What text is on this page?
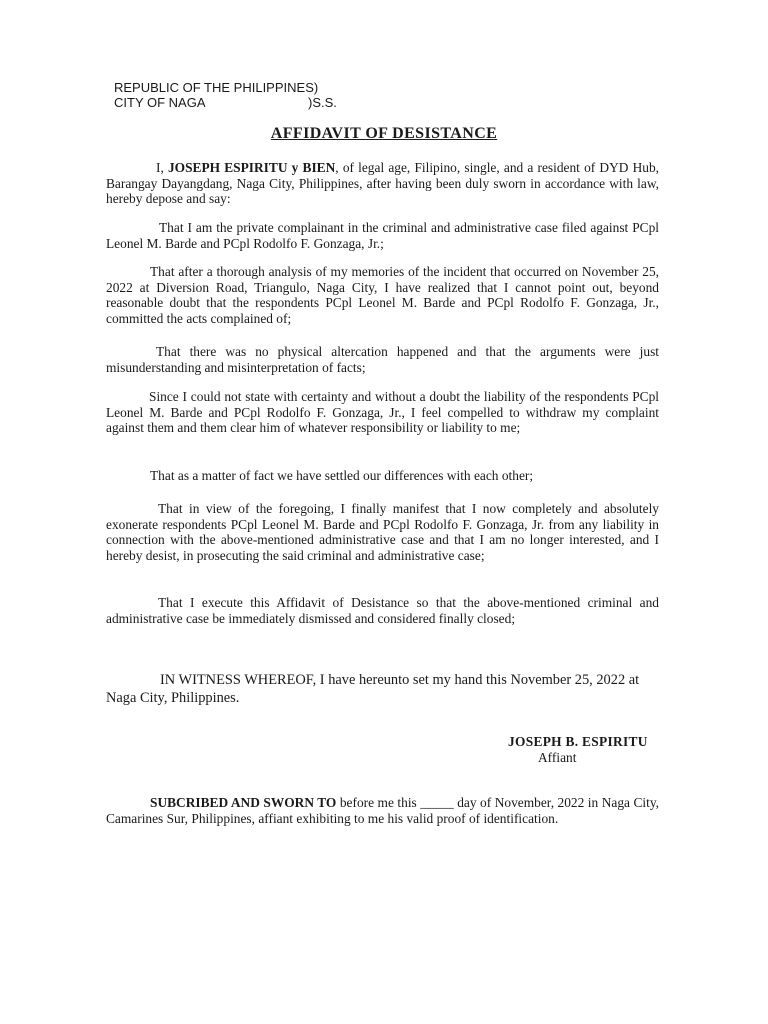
REPUBLIC OF THE PHILIPPINES)
CITY OF NAGA	)S.S.
AFFIDAVIT OF DESISTANCE

I, JOSEPH ESPIRITU y BIEN, of legal age, Filipino, single, and a resident of DYD Hub, Barangay Dayangdang, Naga City, Philippines, after having been duly sworn in accordance with law, hereby depose and say:

That I am the private complainant in the criminal and administrative case filed against PCpl Leonel M. Barde and PCpl Rodolfo F. Gonzaga, Jr.;

That after a thorough analysis of my memories of the incident that occurred on November 25, 2022 at Diversion Road, Triangulo, Naga City, I have realized that I cannot point out, beyond reasonable doubt that the respondents PCpl Leonel M. Barde and PCpl Rodolfo F. Gonzaga, Jr., committed the acts complained of;

That there was no physical altercation happened and that the arguments were just misunderstanding and misinterpretation of facts;

Since I could not state with certainty and without a doubt the liability of the respondents PCpl Leonel M. Barde and PCpl Rodolfo F. Gonzaga, Jr., I feel compelled to withdraw my complaint against them and them clear him of whatever responsibility or liability to me;

That as a matter of fact we have settled our differences with each other;

That in view of the foregoing, I finally manifest that I now completely and absolutely exonerate respondents PCpl Leonel M. Barde and PCpl Rodolfo F. Gonzaga, Jr. from any liability in connection with the above-mentioned administrative case and that I am no longer interested, and I hereby desist, in prosecuting the said criminal and administrative case;

That I execute this Affidavit of Desistance so that the above-mentioned criminal and administrative case be immediately dismissed and considered finally closed;

IN WITNESS WHEREOF, I have hereunto set my hand this November 25, 2022 at Naga City, Philippines.

JOSEPH B. ESPIRITU
Affiant

SUBCRIBED AND SWORN TO before me this _____ day of November, 2022 in Naga City, Camarines Sur, Philippines, affiant exhibiting to me his valid proof of identification.
